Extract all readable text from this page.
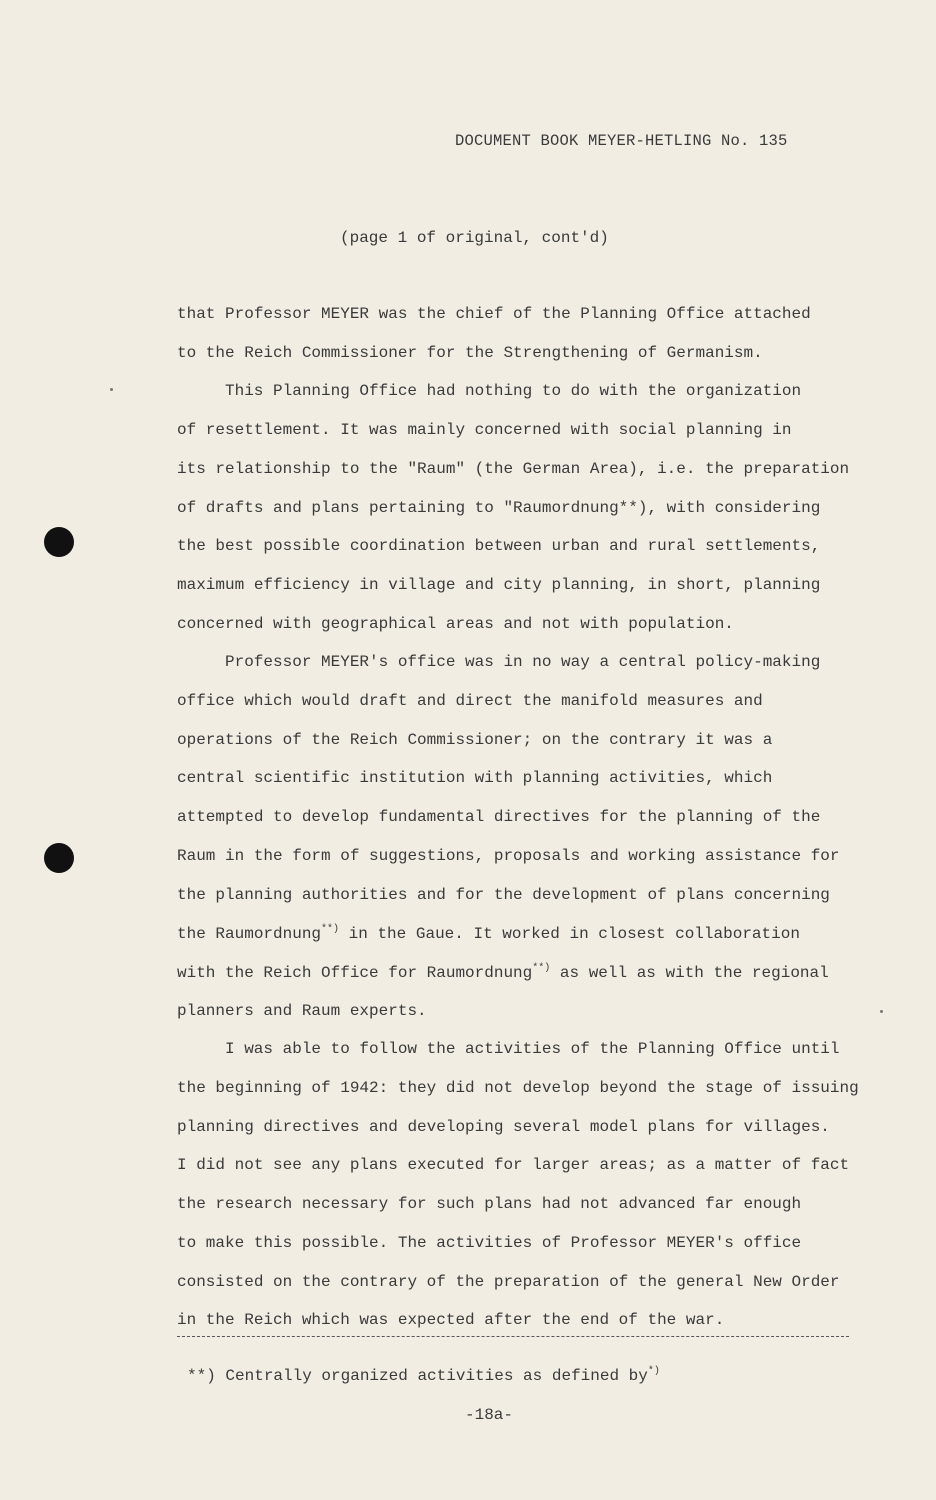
DOCUMENT BOOK MEYER-HETLING No. 135
(page 1 of original, cont'd)
that Professor MEYER was the chief of the Planning Office attached
to the Reich Commissioner for the Strengthening of Germanism.
This Planning Office had nothing to do with the organization
of resettlement. It was mainly concerned with social planning in
its relationship to the "Raum" (the German Area), i.e. the preparation
of drafts and plans pertaining to "Raumordnung**), with considering
the best possible coordination between urban and rural settlements,
maximum efficiency in village and city planning, in short, planning
concerned with geographical areas and not with population.
Professor MEYER's office was in no way a central policy-making
office which would draft and direct the manifold measures and
operations of the Reich Commissioner; on the contrary it was a
central scientific institution with planning activities, which
attempted to develop fundamental directives for the planning of the
Raum in the form of suggestions, proposals and working assistance for
the planning authorities and for the development of plans concerning
the Raumordnung**) in the Gaue. It worked in closest collaboration
with the Reich Office for Raumordnung**) as well as with the regional
planners and Raum experts.
I was able to follow the activities of the Planning Office until
the beginning of 1942: they did not develop beyond the stage of issuing
planning directives and developing several model plans for villages.
I did not see any plans executed for larger areas; as a matter of fact
the research necessary for such plans had not advanced far enough
to make this possible. The activities of Professor MEYER's office
consisted on the contrary of the preparation of the general New Order
in the Reich which was expected after the end of the war.
**) Centrally organized activities as defined by*)
-18a-
